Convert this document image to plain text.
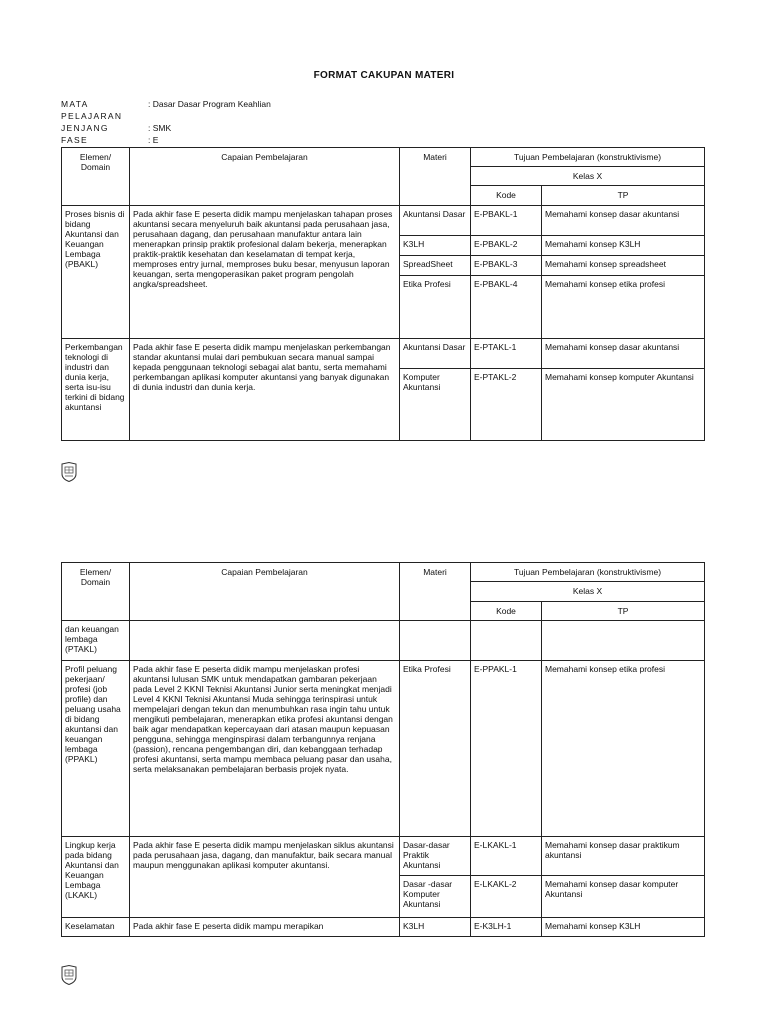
FORMAT CAKUPAN MATERI
MATA PELAJARAN
: Dasar Dasar Program Keahlian
JENJANG	: SMK
FASE	: E
Elemen/ Domain	Capaian Pembelajaran	Materi	Tujuan Pembelajaran (konstruktivisme)	
			Kelas X	
			Kode	TP
Proses bisnis di bidang Akuntansi dan Keuangan Lembaga (PBAKL)	Pada akhir fase E peserta didik mampu menjelaskan tahapan proses akuntansi secara menyeluruh baik akuntansi pada perusahaan jasa, perusahaan dagang, dan perusahaan manufaktur antara lain menerapkan prinsip praktik profesional dalam bekerja, menerapkan praktik-praktik kesehatan dan keselamatan di tempat kerja, memproses entry jurnal, memproses buku besar, menyusun laporan keuangan, serta mengoperasikan paket program pengolah angka/spreadsheet.	Akuntansi Dasar	E-PBAKL-1	Memahami konsep dasar akuntansi
		K3LH	E-PBAKL-2	Memahami konsep K3LH
		SpreadSheet	E-PBAKL-3	Memahami konsep spreadsheet
		Etika Profesi	E-PBAKL-4	Memahami konsep etika profesi
Perkembangan teknologi di industri dan dunia kerja, serta isu-isu terkini di bidang akuntansi	Pada akhir fase E peserta didik mampu menjelaskan perkembangan standar akuntansi mulai dari pembukuan secara manual sampai kepada penggunaan teknologi sebagai alat bantu, serta memahami perkembangan aplikasi komputer akuntansi yang banyak digunakan di dunia industri dan dunia kerja.	Akuntansi Dasar	E-PTAKL-1	Memahami konsep dasar akuntansi
		Komputer Akuntansi	E-PTAKL-2	Memahami konsep komputer Akuntansi
Elemen/ Domain	Capaian Pembelajaran	Materi	Tujuan Pembelajaran (konstruktivisme)	
			Kelas X	
			Kode	TP
dan keuangan lembaga (PTAKL)				
Profil peluang pekerjaan/ profesi (job profile) dan peluang usaha di bidang akuntansi dan keuangan lembaga (PPAKL)	Pada akhir fase E peserta didik mampu menjelaskan profesi akuntansi lulusan SMK untuk mendapatkan gambaran pekerjaan pada Level 2 KKNI Teknisi Akuntansi Junior serta meningkat menjadi Level 4 KKNI Teknisi Akuntansi Muda sehingga terinspirasi untuk mempelajari dengan tekun dan menumbuhkan rasa ingin tahu untuk mengikuti pembelajaran, menerapkan etika profesi akuntansi dengan baik agar mendapatkan kepercayaan dari atasan maupun kepuasan pengguna, sehingga menginspirasi dalam terbangunnya renjana (passion), rencana pengembangan diri, dan kebanggaan terhadap profesi akuntansi, serta mampu membaca peluang pasar dan usaha, serta melaksanakan pembelajaran berbasis projek nyata.	Etika Profesi	E-PPAKL-1	Memahami konsep etika profesi
Lingkup kerja pada bidang Akuntansi dan Keuangan Lembaga (LKAKL)	Pada akhir fase E peserta didik mampu menjelaskan siklus akuntansi pada perusahaan jasa, dagang, dan manufaktur, baik secara manual maupun menggunakan aplikasi komputer akuntansi.	Dasar-dasar Praktik Akuntansi	E-LKAKL-1	Memahami konsep dasar praktikum akuntansi
		Dasar -dasar Komputer Akuntansi	E-LKAKL-2	Memahami konsep dasar komputer Akuntansi
Keselamatan	Pada akhir fase E peserta didik mampu merapikan	K3LH	E-K3LH-1	Memahami konsep K3LH
